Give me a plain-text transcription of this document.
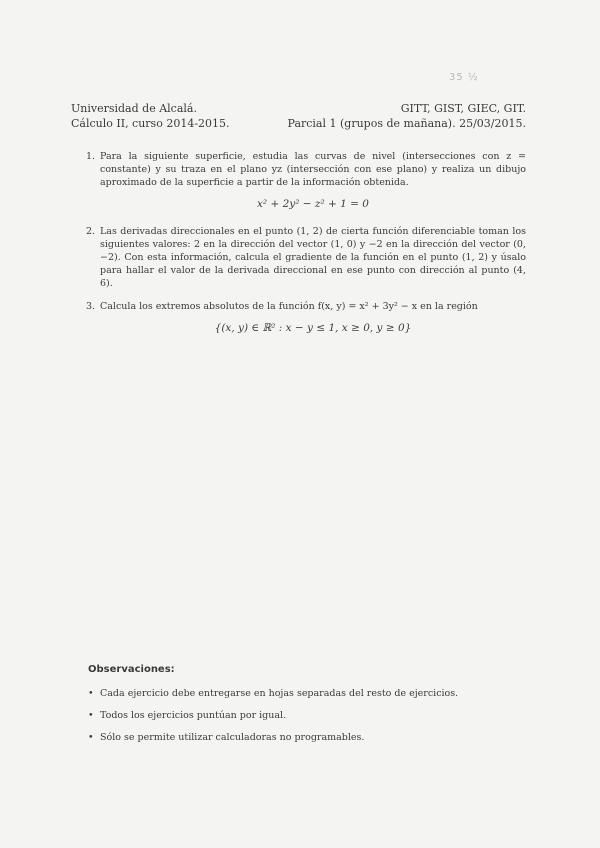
35 ½
Universidad de Alcalá.	GITT, GIST, GIEC, GIT.
Cálculo II, curso 2014-2015.	Parcial 1 (grupos de mañana). 25/03/2015.
1. Para la siguiente superficie, estudia las curvas de nivel (intersecciones con z = constante) y su traza en el plano yz (intersección con ese plano) y realiza un dibujo aproximado de la superficie a partir de la información obtenida.

x² + 2y² − z² + 1 = 0
2. Las derivadas direccionales en el punto (1, 2) de cierta función diferenciable toman los siguientes valores: 2 en la dirección del vector (1, 0) y −2 en la dirección del vector (0, −2). Con esta información, calcula el gradiente de la función en el punto (1, 2) y úsalo para hallar el valor de la derivada direccional en ese punto con dirección al punto (4, 6).

3. Calcula los extremos absolutos de la función f(x, y) = x² + 3y² − x en la región

{(x, y) ∈ ℝ² : x − y ≤ 1, x ≥ 0, y ≥ 0}
Observaciones:
• Cada ejercicio debe entregarse en hojas separadas del resto de ejercicios.
• Todos los ejercicios puntúan por igual.
• Sólo se permite utilizar calculadoras no programables.
